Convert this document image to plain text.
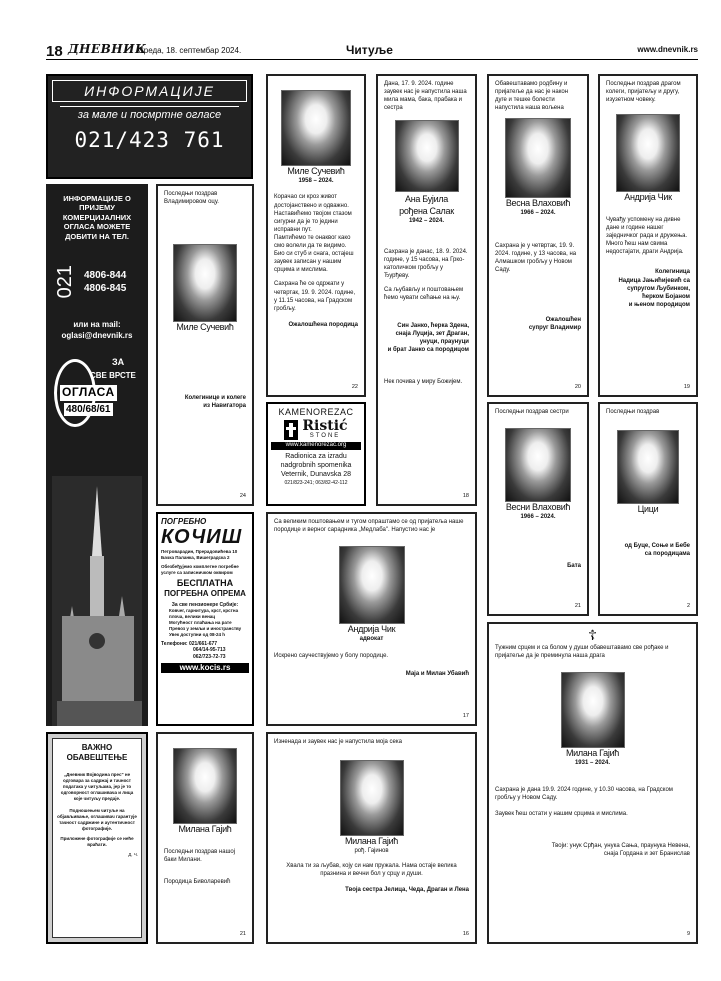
18 ДНЕВНИК
Среда, 18. септембар 2024.	Читуље	www.dnevnik.rs
ИНФОРМАЦИЈЕ
за мале и посмртне огласе
021/423 761
ИНФОРМАЦИЈЕ О ПРИЈЕМУ КОМЕРЦИЈАЛНИХ ОГЛАСА МОЖЕТЕ ДОБИТИ НА ТЕЛ.
021 4806-844
4806-845
или на mail:
oglasi@dnevnik.rs
ЗА
СВЕ ВРСТЕ
ОГЛАСА
480/68/61
ПОГРЕБНО
КОЧИШ
Петроварадин, Прерадовићева 10
Бачка Паланка, Вишеградска 2
Обезбеђујемо комплетне погребне услуге са записничком оквиром
БЕСПЛАТНА
ПОГРЕБНА ОПРЕМА
За све пензионере Србије:
Ковчег, гарнитура, крст, крстна плоча, велики венац
Могућност плаћања на рате
Превоз у земљи и иностранству
Увек доступни од 08-24 h
Телефони: 021/661-677
064/14-95-713
062/723-72-73
www.kocis.rs
ВАЖНО
ОБАВЕШТЕЊЕ
„Дневник Војводина прес" не одговара за садржај и тачност података у читуљама, јер је то одговорност оглашивача и лица које читуљу предаје.
Подношењем читуље на објављивање, оглашивач гарантује тачност садржине и аутентичност фотографије.
Приложене фотографије се неће враћати.
Д. Ч.
Последњи поздрав Владимировом оцу.
Миле Сучевић
Колегинице и колеге
из Навигатора
24
Миле Сучевић
1958 – 2024.
Корачао си кроз живот достојанствено и одважно. Наставићемо твојом стазом сигурни да је то једини исправни пут.
Памтићемо те онаквог како смо волели да те видимо. Био си стуб и снага, остајеш заувек записан у нашим срцима и мислима.
Сахрана ће се одржати у четвртак, 19. 9. 2024. године, у 11.15 часова, на Градском гробљу.
Ожалошћена породица
22
KAMENOREZAC
Ristić
STONE
www.kamenorezac.org
Radionica za izradu
nadgrobnih spomenika
Veternik, Dunavska 28
021/823-241; 063/82-42-112
Дана, 17. 9. 2024. године заувек нас је напустила наша мила мама, бака, прабака и сестра
Ана Бујила
рођена Салак
1942 – 2024.
Сахрана је данас, 18. 9. 2024. године, у 15 часова, на Грко-католичком гробљу у Ђурђеву.
Са љубављу и поштовањем ћемо чувати сећање на њу.
Син Јанко, ћерка Здена,
снаја Луција, зет Драган,
унуци, праунуци
и брат Јанко са породицом
Нек почива у миру Божијем.
18
Обавештавамо родбину и пријатеље да нас је након дуге и тешке болести напустила наша вољена
Весна Влаховић
1966 – 2024.
Сахрана је у четвртак, 19. 9. 2024. године, у 13 часова, на Алмашком гробљу у Новом Саду.
Ожалошћен
супруг Владимир
20
Последњи поздрав драгом колеги, пријатељу и другу, изузетном човеку.
Андрија Чик
Чувађу успомену на дивне дане и године нашег заједничког рада и дружења. Много ћеш нам свима недостајати, драги Андрија.
Колегиница
Надица Јањићијевић са
супругом Љубинком,
ћерком Бојаном
и њеном породицом
19
Последњи поздрав сестри
Весни Влаховић
1966 – 2024.
Бата
21
Последњи поздрав
Цици
од Буце, Соње и Бебе
са породицама
2
Са великим поштовањем и тугом опраштамо се од пријатеља наше породице и верног сарадника „Медлаба". Напустио нас је
Андрија Чик
адвокат
Искрено саучествујемо у болу породице.
Маја и Милан Убавић
17
Милана Гајић
Последњи поздрав нашој баки Милани.
Породица Биволаревић
21
Изненада и заувек нас је напустила моја сека
Милана Гајић
рођ. Гајинов
Хвала ти за љубав, коју си нам пружала. Нама остаје велика празнина и вечни бол у срцу и души.
Твоја сестра Јелица, Чеда, Драган и Лена
16
☦
Тужним срцем и са болом у души обавештавамо све рођаке и пријатеље да је преминула наша драга
Милана Гајић
1931 – 2024.
Сахрана је дана 19.9. 2024 године, у 10.30 часова, на Градском гробљу у Новом Саду.
Заувек ћеш остати у нашим срцима и мислима.
Твоји: унук Срђан, унука Сања, праунука Невена,
снаја Гордана и зет Бранислав
9
